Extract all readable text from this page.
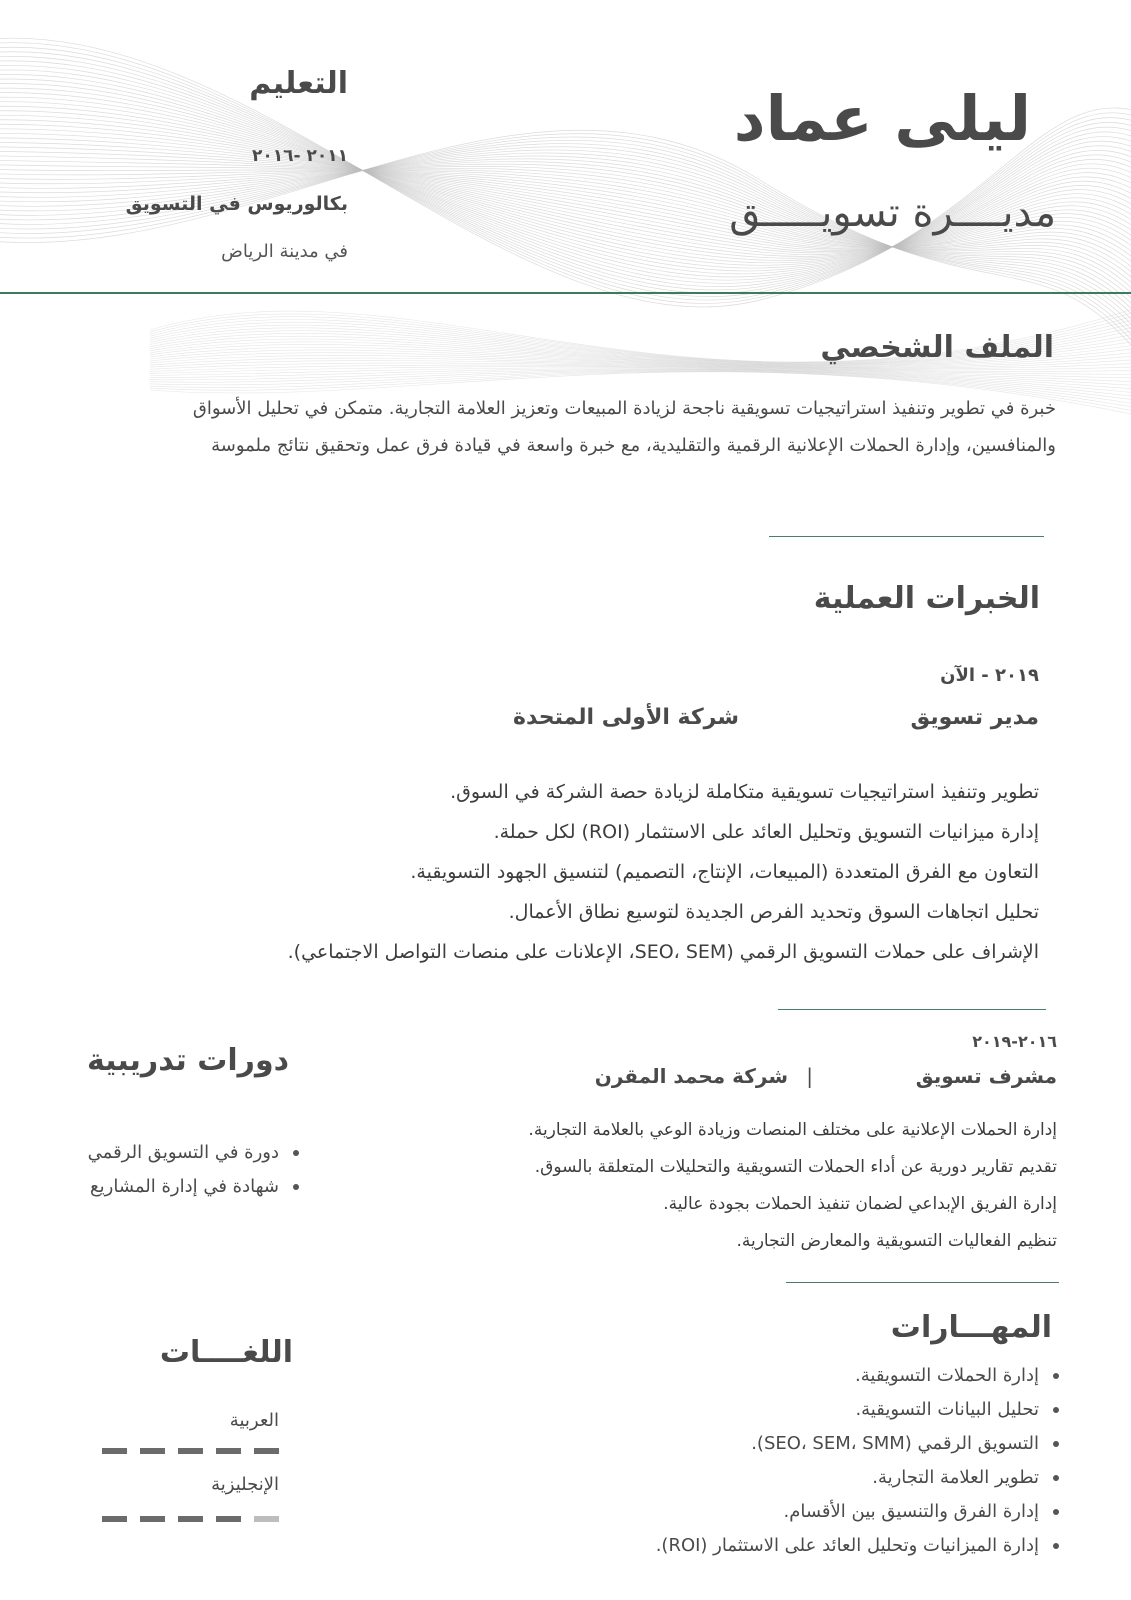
ليلى عماد
مديــــرة تسويـــــق
التعليم
٢٠١١ -٢٠١٦
بكالوريوس في التسويق
في مدينة الرياض
الملف الشخصي
خبرة في تطوير وتنفيذ استراتيجيات تسويقية ناجحة لزيادة المبيعات وتعزيز العلامة التجارية. متمكن في تحليل الأسواق والمنافسين، وإدارة الحملات الإعلانية الرقمية والتقليدية، مع خبرة واسعة في قيادة فرق عمل وتحقيق نتائج ملموسة
الخبرات العملية
٢٠١٩ - الآن
مدير تسويق
شركة الأولى المتحدة
تطوير وتنفيذ استراتيجيات تسويقية متكاملة لزيادة حصة الشركة في السوق.
إدارة ميزانيات التسويق وتحليل العائد على الاستثمار (ROI) لكل حملة.
التعاون مع الفرق المتعددة (المبيعات، الإنتاج، التصميم) لتنسيق الجهود التسويقية.
تحليل اتجاهات السوق وتحديد الفرص الجديدة لتوسيع نطاق الأعمال.
الإشراف على حملات التسويق الرقمي (SEO، SEM، الإعلانات على منصات التواصل الاجتماعي).
٢٠١٦-٢٠١٩
مشرف تسويق
|
شركة محمد المقرن
إدارة الحملات الإعلانية على مختلف المنصات وزيادة الوعي بالعلامة التجارية.
تقديم تقارير دورية عن أداء الحملات التسويقية والتحليلات المتعلقة بالسوق.
إدارة الفريق الإبداعي لضمان تنفيذ الحملات بجودة عالية.
تنظيم الفعاليات التسويقية والمعارض التجارية.
المهـــارات
إدارة الحملات التسويقية.
تحليل البيانات التسويقية.
التسويق الرقمي (SEO، SEM، SMM).
تطوير العلامة التجارية.
إدارة الفرق والتنسيق بين الأقسام.
إدارة الميزانيات وتحليل العائد على الاستثمار (ROI).
دورات تدريبية
دورة في التسويق الرقمي
شهادة في إدارة المشاريع
اللغــــات
العربية
الإنجليزية
